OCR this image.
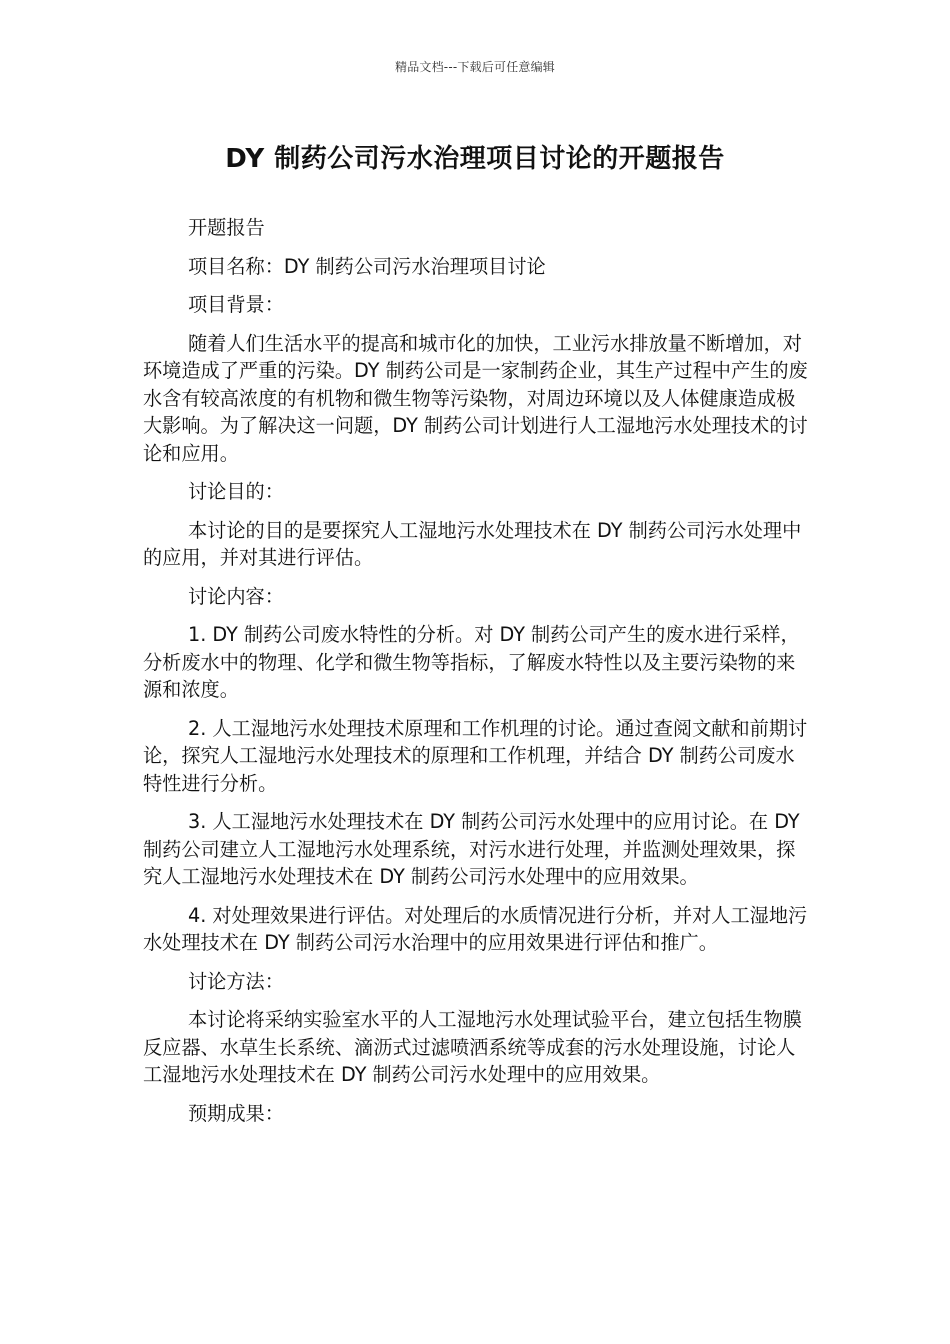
精品文档---下载后可任意编辑
DY 制药公司污水治理项目讨论的开题报告

开题报告

项目名称：DY 制药公司污水治理项目讨论

项目背景：

随着人们生活水平的提高和城市化的加快，工业污水排放量不断增加，对环境造成了严重的污染。DY 制药公司是一家制药企业，其生产过程中产生的废水含有较高浓度的有机物和微生物等污染物，对周边环境以及人体健康造成极大影响。为了解决这一问题，DY 制药公司计划进行人工湿地污水处理技术的讨论和应用。

讨论目的：

本讨论的目的是要探究人工湿地污水处理技术在 DY 制药公司污水处理中的应用，并对其进行评估。

讨论内容：

1. DY 制药公司废水特性的分析。对 DY 制药公司产生的废水进行采样，分析废水中的物理、化学和微生物等指标，了解废水特性以及主要污染物的来源和浓度。

2. 人工湿地污水处理技术原理和工作机理的讨论。通过查阅文献和前期讨论，探究人工湿地污水处理技术的原理和工作机理，并结合 DY 制药公司废水特性进行分析。

3. 人工湿地污水处理技术在 DY 制药公司污水处理中的应用讨论。在 DY 制药公司建立人工湿地污水处理系统，对污水进行处理，并监测处理效果，探究人工湿地污水处理技术在 DY 制药公司污水处理中的应用效果。

4. 对处理效果进行评估。对处理后的水质情况进行分析，并对人工湿地污水处理技术在 DY 制药公司污水治理中的应用效果进行评估和推广。

讨论方法：

本讨论将采纳实验室水平的人工湿地污水处理试验平台，建立包括生物膜反应器、水草生长系统、滴沥式过滤喷洒系统等成套的污水处理设施，讨论人工湿地污水处理技术在 DY 制药公司污水处理中的应用效果。

预期成果：
